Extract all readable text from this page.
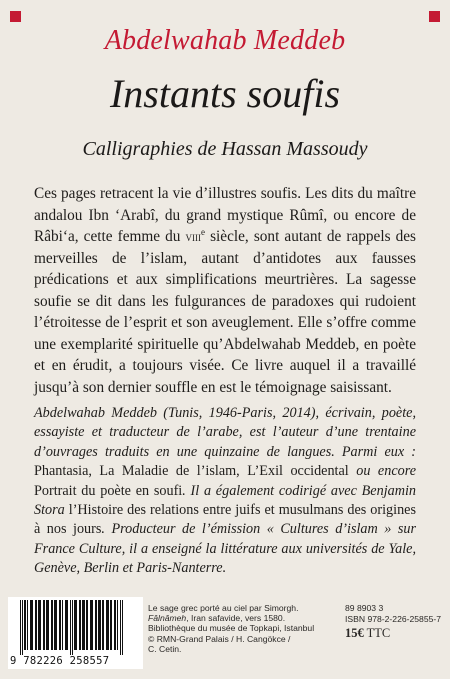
Abdelwahab Meddeb
Instants soufis
Calligraphies de Hassan Massoudy

Ces pages retracent la vie d’illustres soufis. Les dits du maître andalou Ibn ‘Arabî, du grand mystique Rûmî, ou encore de Râbi‘a, cette femme du viii$^e$ siècle, sont autant de rappels des merveilles de l’islam, autant d’antidotes aux fausses prédications et aux simplifications meurtrières. La sagesse soufie se dit dans les fulgurances de paradoxes qui rudoient l’étroitesse de l’esprit et son aveuglement. Elle s’offre comme une exemplarité spirituelle qu’Abdelwahab Meddeb, en poète et en érudit, a toujours visée. Ce livre auquel il a travaillé jusqu’à son dernier souffle en est le témoignage saisissant.

Abdelwahab Meddeb (Tunis, 1946-Paris, 2014), écrivain, poète, essayiste et traducteur de l’arabe, est l’auteur d’une trentaine d’ouvrages traduits en une quinzaine de langues. Parmi eux : Phantasia, La Maladie de l’islam, L’Exil occidental ou encore Portrait du poète en soufi. Il a également codirigé avec Benjamin Stora l’Histoire des relations entre juifs et musulmans des origines à nos jours. Producteur de l’émission « Cultures d’islam » sur France Culture, il a enseigné la littérature aux universités de Yale, Genève, Berlin et Paris-Nanterre.

9 782226 258557
Le sage grec porté au ciel par Simorgh.
Fâlnâmeh, Iran safavide, vers 1580.
Bibliothèque du musée de Topkapi, Istanbul
© RMN-Grand Palais / H. Cangökce /
C. Cetin.
89 8903 3
ISBN 978-2-226-25855-7
15€ TTC
